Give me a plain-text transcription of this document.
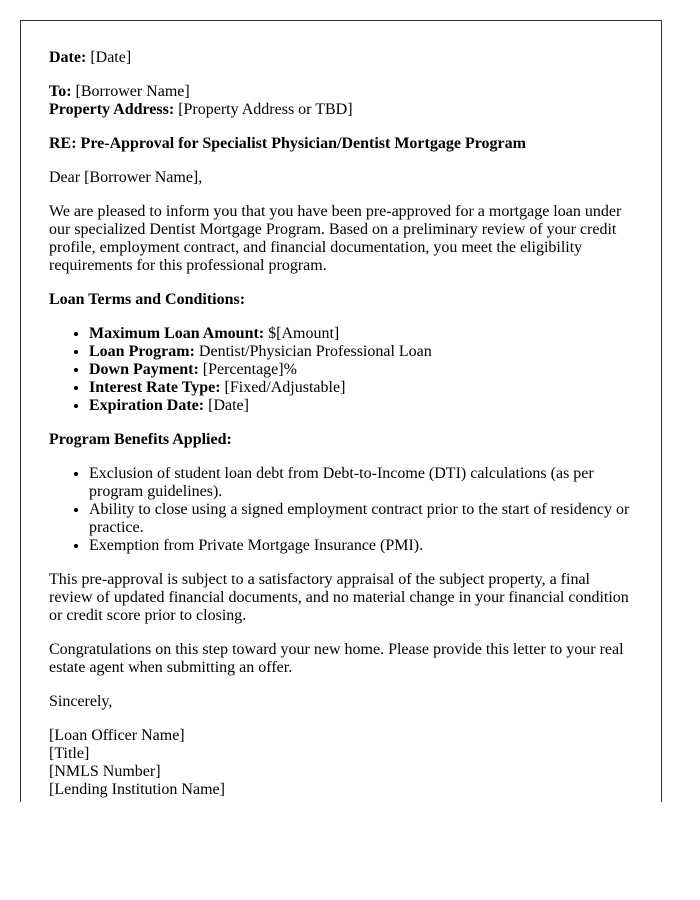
Date: [Date]

To: [Borrower Name]
Property Address: [Property Address or TBD]

RE: Pre-Approval for Specialist Physician/Dentist Mortgage Program

Dear [Borrower Name],

We are pleased to inform you that you have been pre-approved for a mortgage loan under our specialized Dentist Mortgage Program. Based on a preliminary review of your credit profile, employment contract, and financial documentation, you meet the eligibility requirements for this professional program.

Loan Terms and Conditions:

• Maximum Loan Amount: $[Amount]
• Loan Program: Dentist/Physician Professional Loan
• Down Payment: [Percentage]%
• Interest Rate Type: [Fixed/Adjustable]
• Expiration Date: [Date]

Program Benefits Applied:

• Exclusion of student loan debt from Debt-to-Income (DTI) calculations (as per program guidelines).
• Ability to close using a signed employment contract prior to the start of residency or practice.
• Exemption from Private Mortgage Insurance (PMI).

This pre-approval is subject to a satisfactory appraisal of the subject property, a final review of updated financial documents, and no material change in your financial condition or credit score prior to closing.

Congratulations on this step toward your new home. Please provide this letter to your real estate agent when submitting an offer.

Sincerely,

[Loan Officer Name]

[Title]

[NMLS Number]

[Lending Institution Name]
